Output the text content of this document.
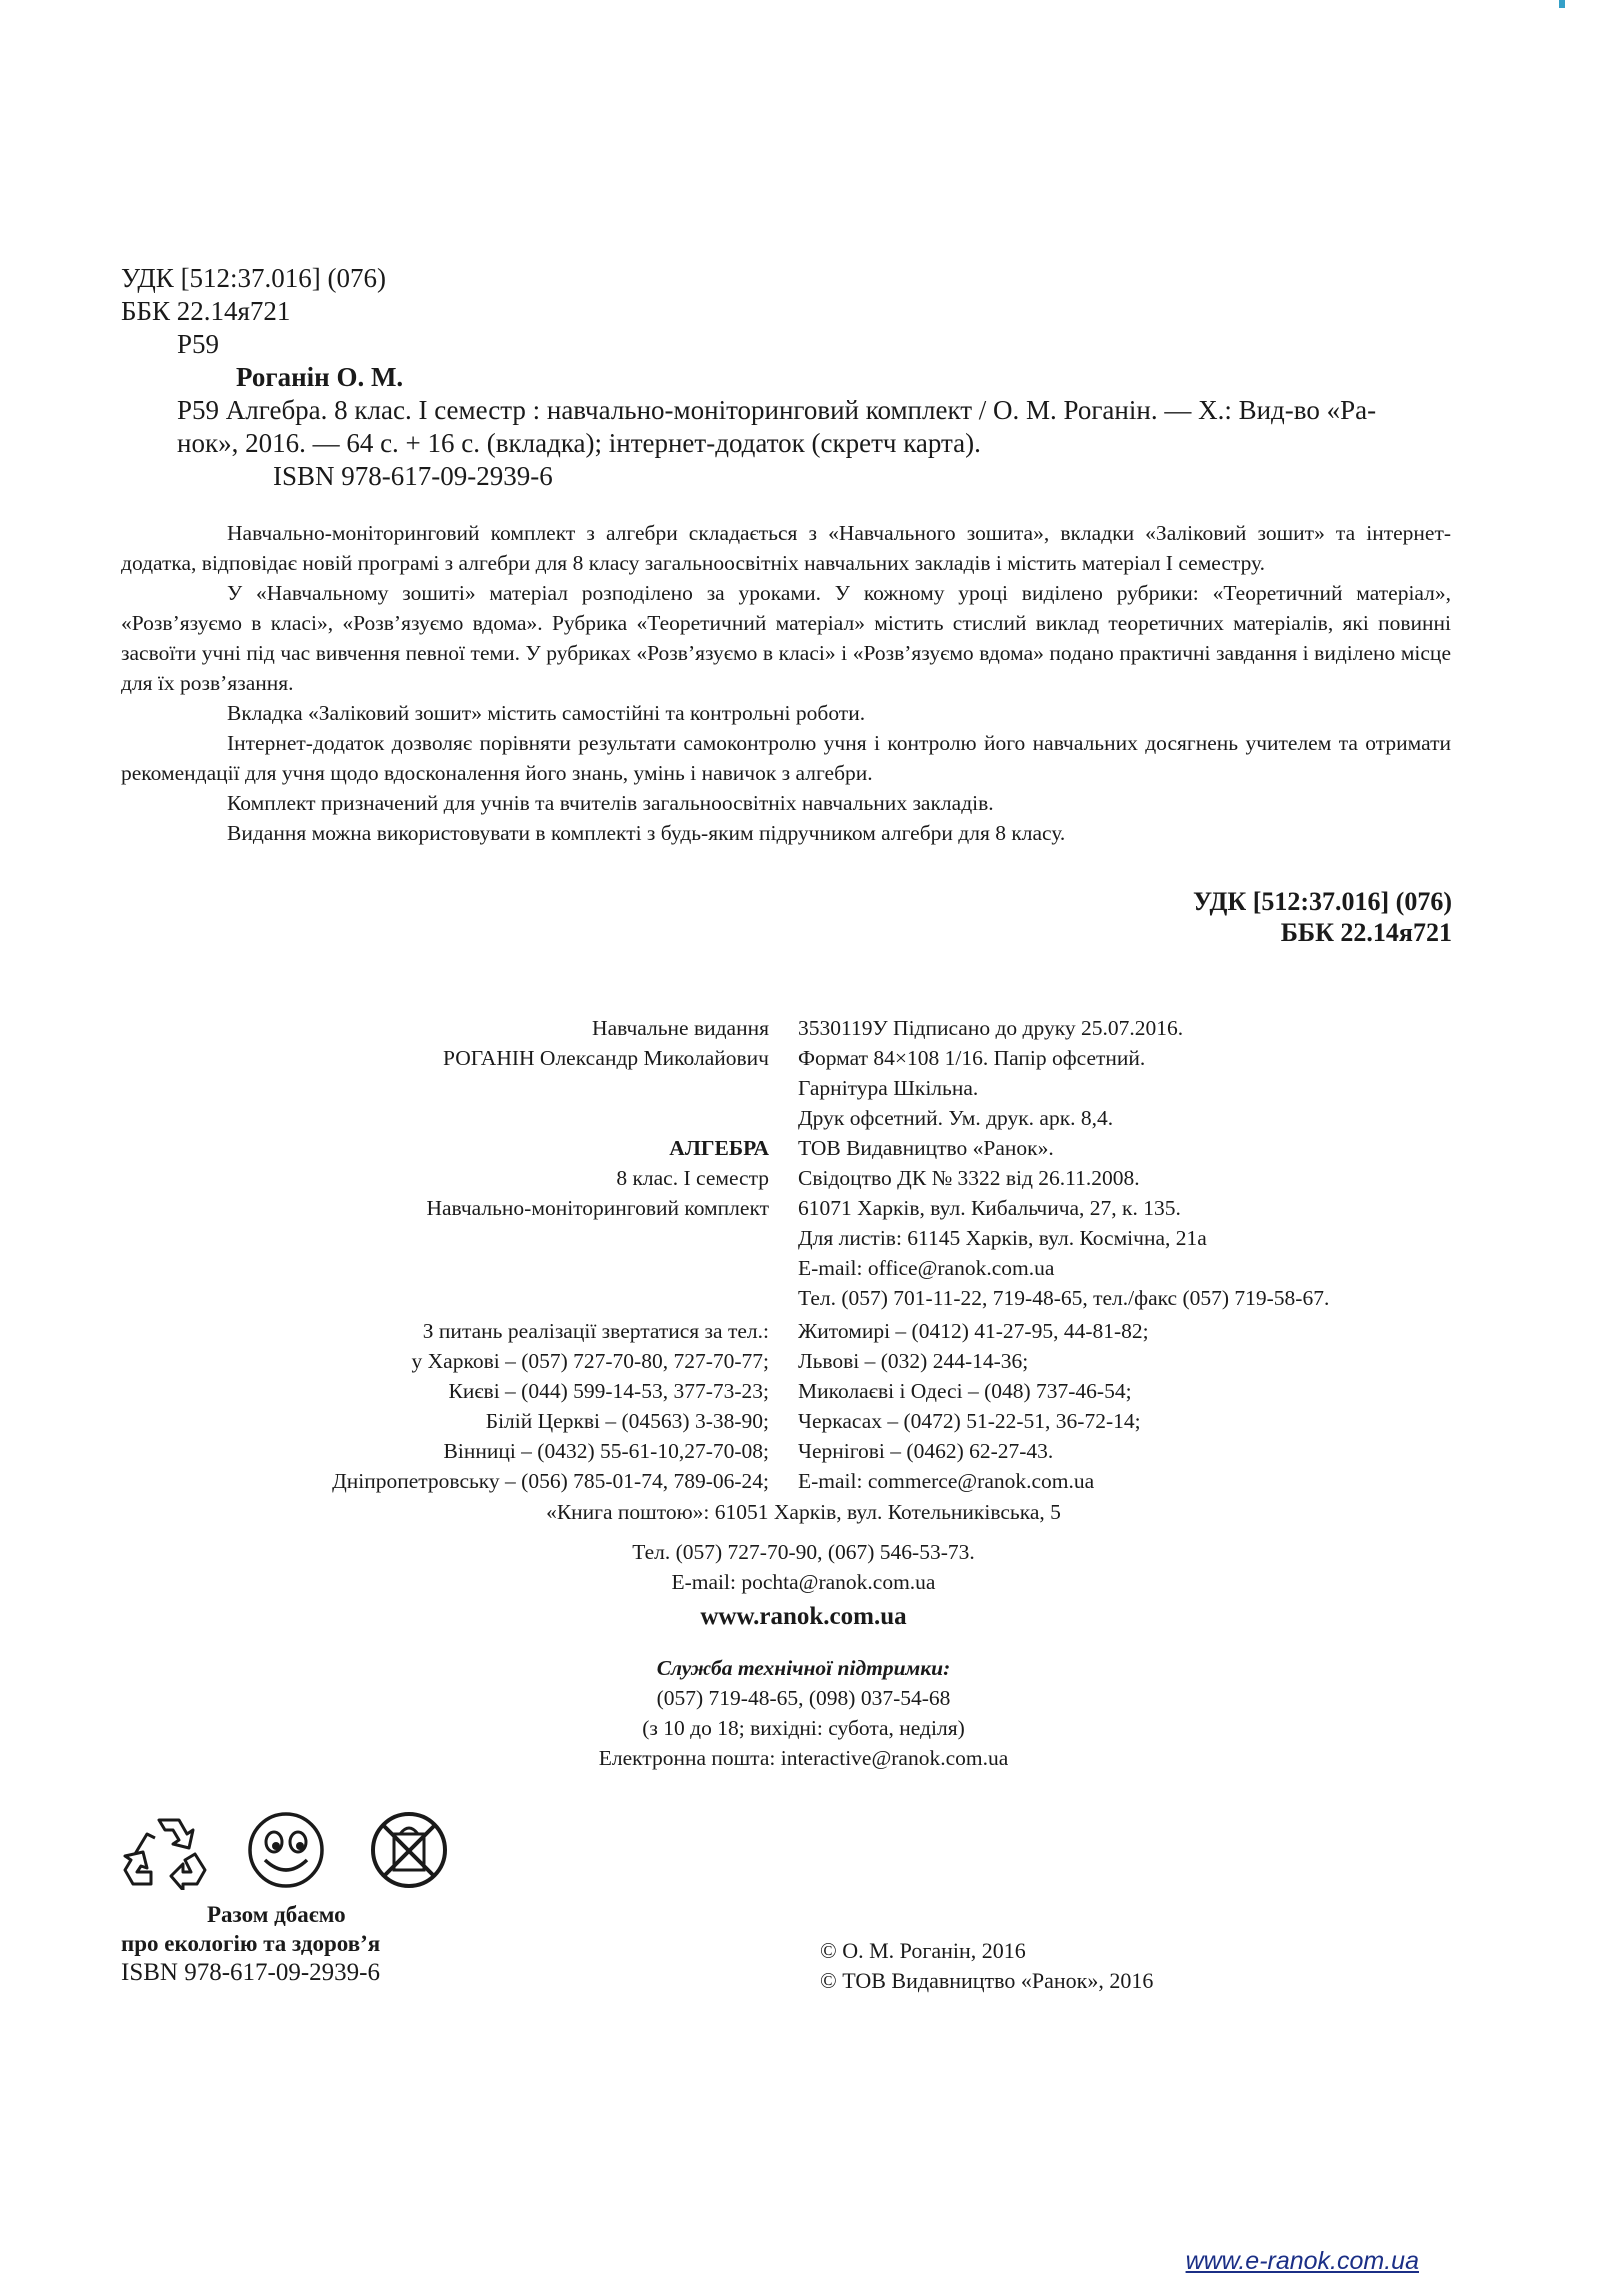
УДК [512:37.016] (076)
ББК 22.14я721
Р59
Роганін О. М.
Р59 Алгебра. 8 клас. І семестр : навчально-моніторинговий комплект / О. М. Роганін. — Х.: Вид-во «Ра-
нок», 2016. — 64 с. + 16 с. (вкладка); інтернет-додаток (скретч карта).
ISBN 978-617-09-2939-6

Навчально-моніторинговий комплект з алгебри складається з «Навчального зошита», вкладки «Заліковий зошит» та інтернет-додатка, відповідає новій програмі з алгебри для 8 класу загальноосвітніх навчальних закладів і містить матеріал І семестру.

У «Навчальному зошиті» матеріал розподілено за уроками. У кожному уроці виділено рубрики: «Теоретичний матеріал», «Розв’язуємо в класі», «Розв’язуємо вдома». Рубрика «Теоретичний матеріал» містить стислий виклад теоретичних матеріалів, які повинні засвоїти учні під час вивчення певної теми. У рубриках «Розв’язуємо в класі» і «Розв’язуємо вдома» подано практичні завдання і виділено місце для їх розв’язання.

Вкладка «Заліковий зошит» містить самостійні та контрольні роботи.

Інтернет-додаток дозволяє порівняти результати самоконтролю учня і контролю його навчальних досягнень учителем та отримати рекомендації для учня щодо вдосконалення його знань, умінь і навичок з алгебри.

Комплект призначений для учнів та вчителів загальноосвітніх навчальних закладів.

Видання можна використовувати в комплекті з будь-яким підручником алгебри для 8 класу.

УДК [512:37.016] (076)
ББК 22.14я721
Навчальне видання
РОГАНІН Олександр Миколайович
АЛГЕБРА
8 клас. І семестр
Навчально-моніторинговий комплект
3530119У Підписано до друку 25.07.2016.
Формат 84×108 1/16. Папір офсетний.
Гарнітура Шкільна.
Друк офсетний. Ум. друк. арк. 8,4.
ТОВ Видавництво «Ранок».
Свідоцтво ДК № 3322 від 26.11.2008.
61071 Харків, вул. Кибальчича, 27, к. 135.
Для листів: 61145 Харків, вул. Космічна, 21а
E-mail: office@ranok.com.ua
Тел. (057) 701-11-22, 719-48-65, тел./факс (057) 719-58-67.
З питань реалізації звертатися за тел.:
у Харкові – (057) 727-70-80, 727-70-77;
Києві – (044) 599-14-53, 377-73-23;
Білій Церкві – (04563) 3-38-90;
Вінниці – (0432) 55-61-10,27-70-08;
Дніпропетровську – (056) 785-01-74, 789-06-24;
Житомирі – (0412) 41-27-95, 44-81-82;
Львові – (032) 244-14-36;
Миколаєві і Одесі – (048) 737-46-54;
Черкасах – (0472) 51-22-51, 36-72-14;
Чернігові – (0462) 62-27-43.
E-mail: commerce@ranok.com.ua
«Книга поштою»: 61051 Харків, вул. Котельниківська, 5
Тел. (057) 727-70-90, (067) 546-53-73.
E-mail: pochta@ranok.com.ua
www.ranok.com.ua
Служба технічної підтримки:
(057) 719-48-65, (098) 037-54-68
(з 10 до 18; вихідні: субота, неділя)
Електронна пошта: interactive@ranok.com.ua
Разом дбаємо
про екологію та здоров’я
ISBN 978-617-09-2939-6
© О. М. Роганін, 2016
© ТОВ Видавництво «Ранок», 2016
www.e-ranok.com.ua
